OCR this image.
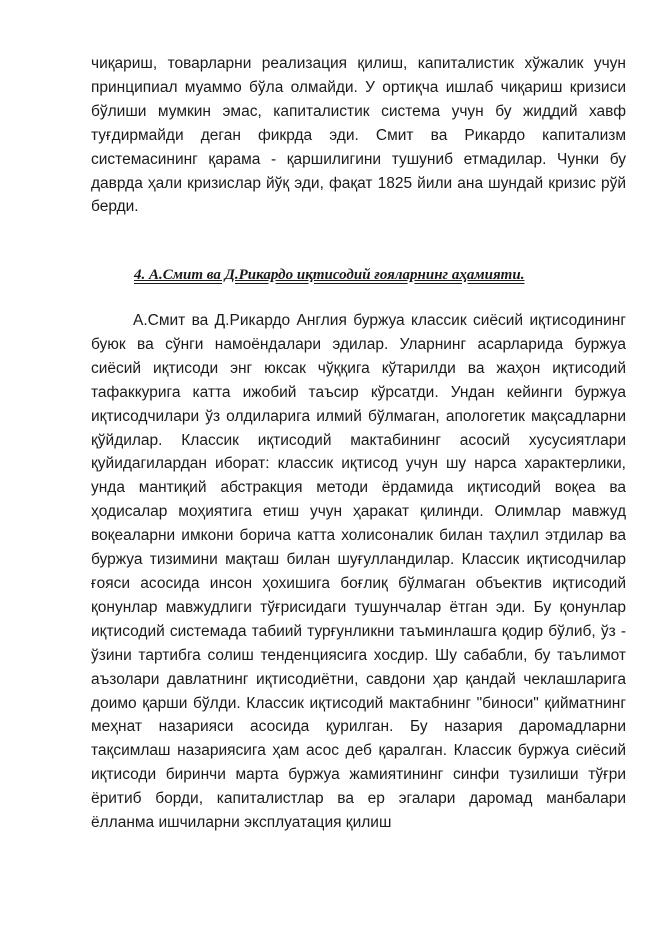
чиқариш, товарларни реализация қилиш, капиталистик хўжалик учун принципиал муаммо бўла олмайди. У ортиқча ишлаб чиқариш кризиси бўлиши мумкин эмас, капиталистик система учун бу жиддий хавф туғдирмайди деган фикрда эди. Смит ва Рикардо капитализм системасининг қарама - қаршилигини тушуниб етмадилар. Чунки бу даврда ҳали кризислар йўқ эди, фақат 1825 йили ана шундай кризис рўй берди.

4. А.Смит ва Д.Рикардо иқтисодий ғояларнинг аҳамияти.

А.Смит ва Д.Рикардо Англия буржуа классик сиёсий иқтисодининг буюк ва сўнги намоёндалари эдилар. Уларнинг асарларида буржуа сиёсий иқтисоди энг юксак чўққига кўтарилди ва жаҳон иқтисодий тафаккурига катта ижобий таъсир кўрсатди. Ундан кейинги буржуа иқтисодчилари ўз олдиларига илмий бўлмаган, апологетик мақсадларни қўйдилар. Классик иқтисодий мактабининг асосий хусусиятлари қуйидагилардан иборат: классик иқтисод учун шу нарса характерлики, унда мантиқий абстракция методи ёрдамида иқтисодий воқеа ва ҳодисалар моҳиятига етиш учун ҳаракат қилинди. Олимлар мавжуд воқеаларни имкони борича катта холисоналик билан таҳлил этдилар ва буржуа тизимини мақташ билан шуғулландилар. Классик иқтисодчилар ғояси асосида инсон ҳохишига боғлиқ бўлмаган объектив иқтисодий қонунлар мавжудлиги тўғрисидаги тушунчалар ётган эди. Бу қонунлар иқтисодий системада табиий турғунликни таъминлашга қодир бўлиб, ўз - ўзини тартибга солиш тенденциясига хосдир. Шу сабабли, бу таълимот аъзолари давлатнинг иқтисодиётни, савдони ҳар қандай чеклашларига доимо қарши бўлди. Классик иқтисодий мактабнинг "биноси" қийматнинг меҳнат назарияси асосида қурилган. Бу назария даромадларни тақсимлаш назариясига ҳам асос деб қаралган. Классик буржуа сиёсий иқтисоди биринчи марта буржуа жамиятининг синфи тузилиши тўғри ёритиб борди, капиталистлар ва ер эгалари даромад манбалари ёлланма ишчиларни эксплуатация қилиш
